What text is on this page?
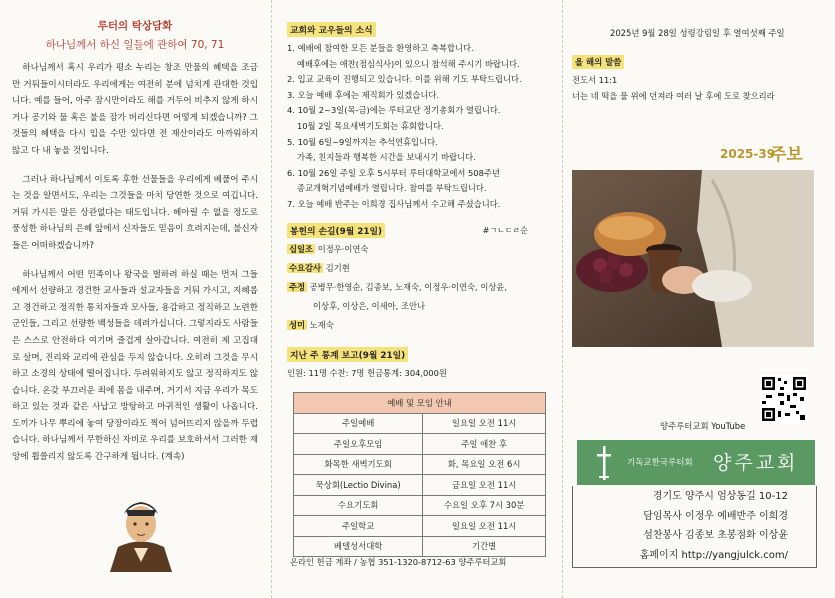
루터의 탁상담화
하나님께서 하신 일들에 관하여 70, 71

하나님께서 혹시 우리가 평소 누리는 창조 만물의 혜택을 조금만 거둬들이시더라도 우리에게는 여전히 분에 넘치게 관대한 것입니다. 예를 들어, 아주 잠시만이라도 해를 거두어 비추지 않게 하시거나 공기와 물 혹은 불을 잠가 버리신다면 어떻게 되겠습니까? 그것들의 혜택을 다시 입을 수만 있다면 전 재산이라도 아까워하지 않고 다 내 놓을 것입니다.

그러나 하나님께서 이토록 후한 선물들을 우리에게 베풀어 주시는 것을 알면서도, 우리는 그것들을 마치 당연한 것으로 여깁니다. 거둬 가시든 말든 상관없다는 태도입니다. 헤아릴 수 없을 정도로 풍성한 하나님의 은혜 앞에서 신자들도 믿음이 흐려지는데, 불신자들은 어떠하겠습니까?

하나님께서 어떤 민족이나 왕국을 벌하려 하실 때는 먼저 그들에게서 선량하고 경건한 교사들과 설교자들을 거둬 가시고, 지혜롭고 경건하고 정직한 통치자들과 모사들, 용감하고 정직하고 노련한 군인들, 그리고 선량한 백성들을 데려가십니다. 그렇지라도 사람들은 스스로 안전하다 여기며 즐겁게 살아갑니다. 여전히 제 고집대로 살며, 진리와 교리에 관심을 두지 않습니다. 오히려 그것을 무시하고 소경의 상태에 떨어집니다. 두려워하지도 않고 정직하지도 않습니다. 온갖 부끄러운 죄에 몸을 내주며, 거기서 지금 우리가 목도하고 있는 것과 같은 사납고 방탕하고 마귀적인 생활이 나옵니다. 도끼가 나무 뿌리에 놓여 당장이라도 찍어 넘어뜨리지 않을까 두렵습니다. 하나님께서 무한하신 자비로 우리를 보호하셔서 그러한 재앙에 휩쓸리지 않도록 간구하게 됩니다. (계속)

교회와 교우들의 소식
1. 예배에 참여한 모든 분들을 환영하고 축복합니다.
예배후에는 애찬(점심식사)이 있으니 참석해 주시기 바랍니다.
2. 입교 교육이 진행되고 있습니다. 이를 위해 기도 부탁드립니다.
3. 오늘 예배 후에는 제직회가 있겠습니다.
4. 10월 2~3일(목-금)에는 루터교단 정기총회가 열립니다.
10월 2일 목요새벽기도회는 휴회합니다.
5. 10월 6일~9일까지는 추석연휴입니다.
가족, 친지들과 행복한 시간을 보내시기 바랍니다.
6. 10월 26일 주일 오후 5시부터 루터대학교에서 508주년
종교개혁기념예배가 열립니다. 참여를 부탁드립니다.
7. 오늘 예배 반주는 이희경 집사님께서 수고해 주셨습니다.
봉헌의 손길(9월 21일)	#ㄱㄴㄷㄹ순
십일조 이정우·이연숙
수요감사 김기현
주정 공병무·한영순, 김종보, 노재숙, 이정우·이연숙, 이상윤,
이상후, 이상은, 이세아, 조안나
성미 노재숙
지난 주 통계 보고(9월 21일)
인원: 11명 수찬: 7명 헌금통계: 304,000원
예배 및 모임 안내	
주일예배	일요일 오전 11시
주일오후모임	주일 애찬 후
화목한 새벽기도회	화, 목요일 오전 6시
묵상회(Lectio Divina)	금요일 오전 11시
수요기도회	수요일 오후 7시 30분
주일학교	일요일 오전 11시
베델성서대학	기간별
온라인 헌금 계좌 / 농협 351-1320-8712-63 양주루터교회
2025년 9월 28일 성령강림일 후 열여섯째 주일
올 해의 말씀
전도서 11:1
너는 네 떡을 물 위에 던져라 여러 날 후에 도로 찾으리라
2025-39
주보
양주루터교회 YouTube
기독교한국루터회 양주교회
경기도 양주시 엄상동길 10-12
담임목사 이정우 예배반주 이희경
섬찬봉사 김종보 초봉점화 이상윤
홈페이지 http://yangjulck.com/
